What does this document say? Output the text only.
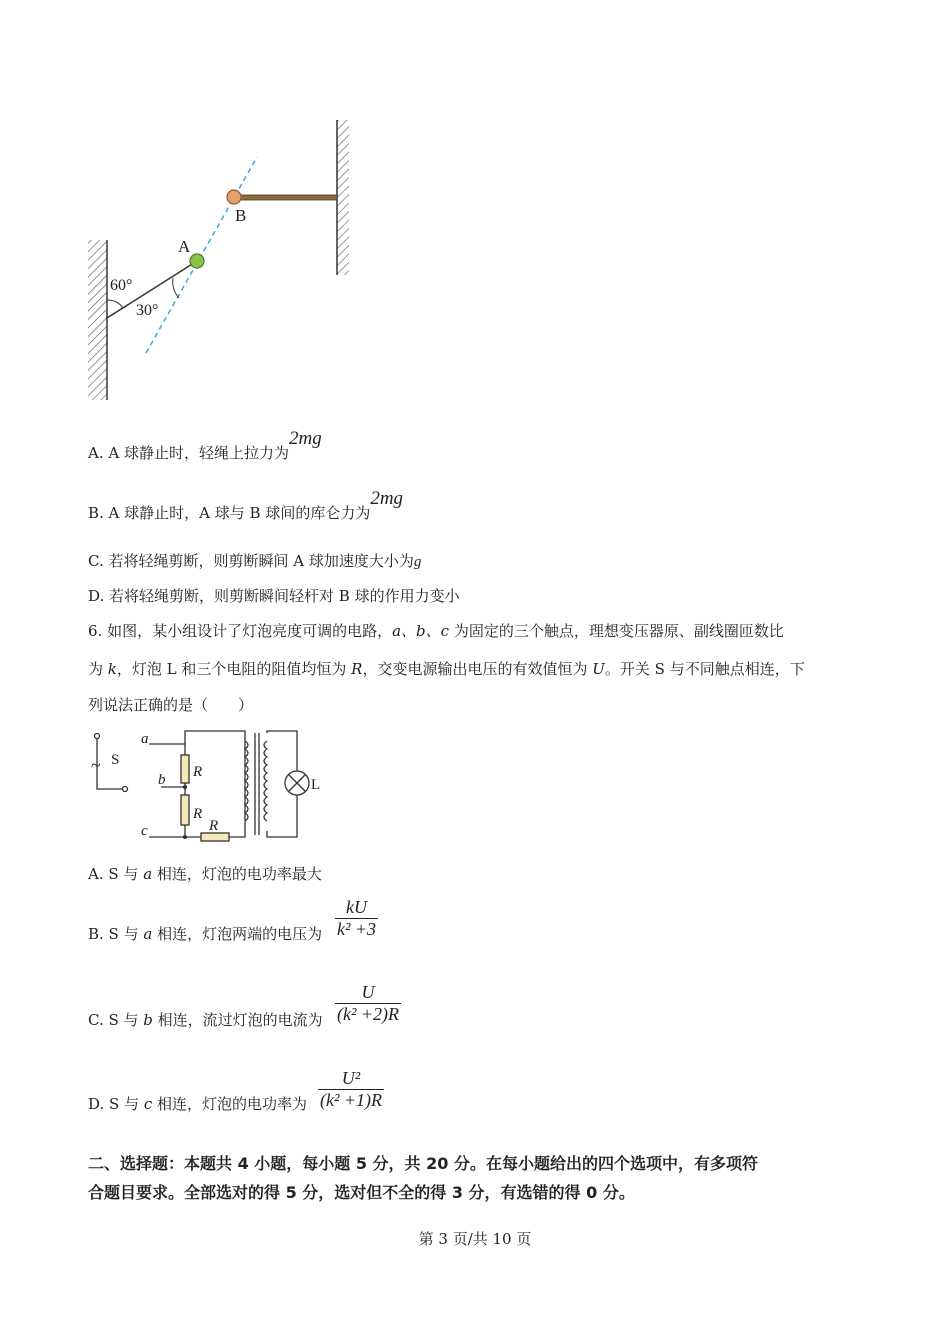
A
B
60°
30°
A. A 球静止时，轻绳上拉力为2mg
B. A 球静止时，A 球与 B 球间的库仑力为2mg
C. 若将轻绳剪断，则剪断瞬间 A 球加速度大小为g
D. 若将轻绳剪断，则剪断瞬间轻杆对 B 球的作用力变小
6. 如图，某小组设计了灯泡亮度可调的电路，a、b、c 为固定的三个触点，理想变压器原、副线圈匝数比
为 k，灯泡 L 和三个电阻的阻值均恒为 R，交变电源输出电压的有效值恒为 U。开关 S 与不同触点相连，下
列说法正确的是（　　）
~ S
a
b
c
R
R
R
L
A. S 与 a 相连，灯泡的电功率最大
B. S 与 a 相连，灯泡两端的电压为 $\frac{kU}{\text{k² +3}}$
C. S 与 b 相连，流过灯泡的电流为 $\frac{U}{\text{(k² +2)R}}$
D. S 与 c 相连，灯泡的电功率为 $\frac{\text{U²}}{\text{(k² +1)R}}$
二、选择题：本题共 4 小题，每小题 5 分，共 20 分。在每小题给出的四个选项中，有多项符
合题目要求。全部选对的得 5 分，选对但不全的得 3 分，有选错的得 0 分。
第 3 页/共 10 页
